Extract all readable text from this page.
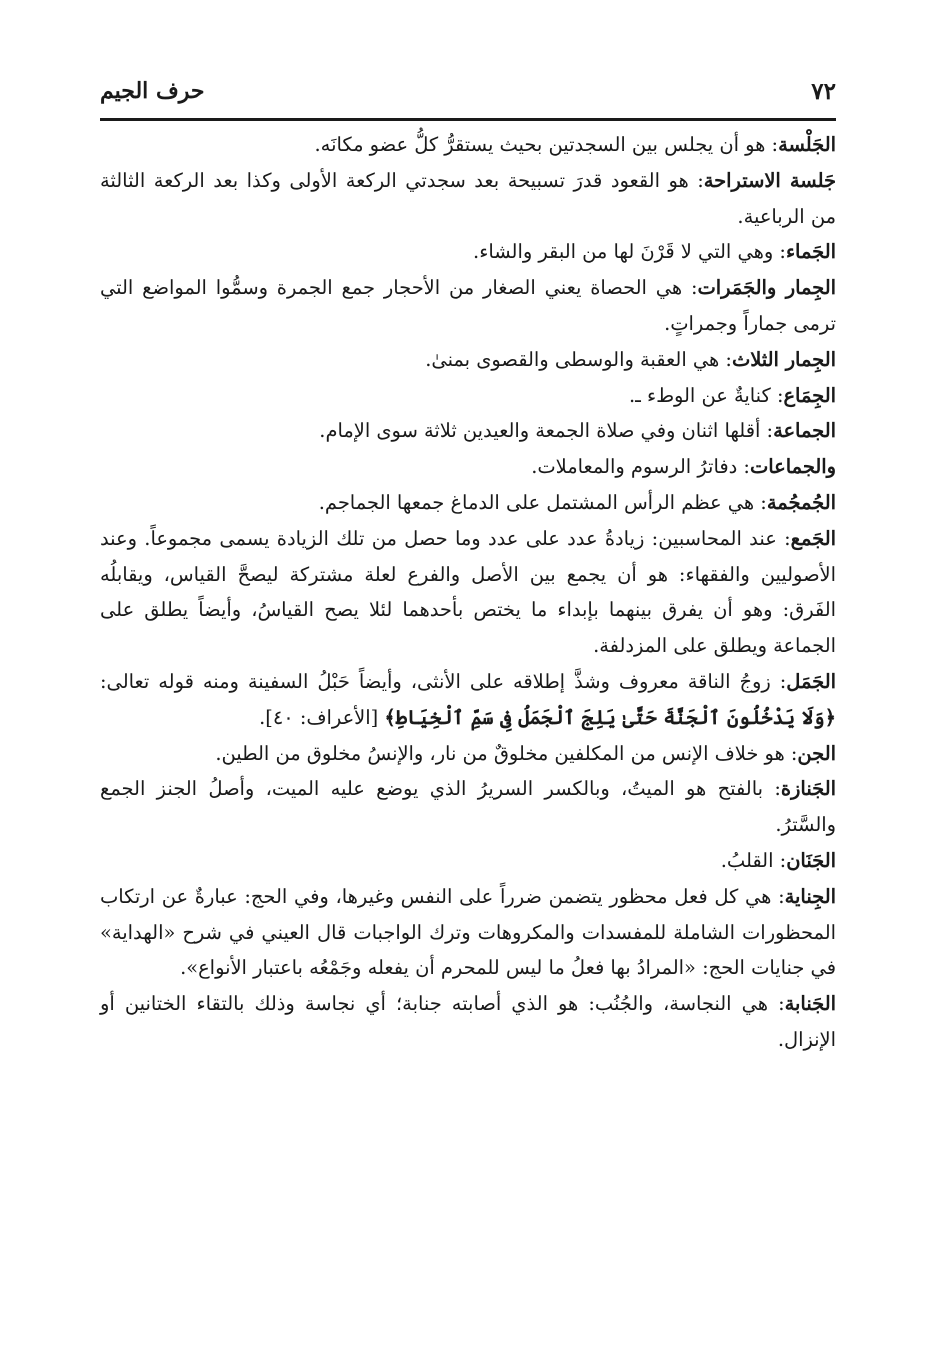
٧٢
حرف الجيم

الجَلْسة: هو أن يجلس بين السجدتين بحيث يستقرُّ كلُّ عضو مكانَه.

جَلسة الاستراحة: هو القعود قدرَ تسبيحة بعد سجدتي الركعة الأولى وكذا بعد الركعة الثالثة من الرباعية.

الجَماء: وهي التي لا قَرْنَ لها من البقر والشاء.

الجِمار والجَمَرات: هي الحصاة يعني الصغار من الأحجار جمع الجمرة وسمُّوا المواضع التي ترمى جماراً وجمراتٍ.

الجِمار الثلاث: هي العقبة والوسطى والقصوى بمنىٰ.

الجِمَاع: كنايةٌ عن الوطء ـ.

الجماعة: أقلها اثنان وفي صلاة الجمعة والعيدين ثلاثة سوى الإمام.

والجماعات: دفاترُ الرسوم والمعاملات.

الجُمجُمة: هي عظم الرأس المشتمل على الدماغ جمعها الجماجم.

الجَمع: عند المحاسبين: زيادةُ عدد على عدد وما حصل من تلك الزيادة يسمى مجموعاً. وعند الأصوليين والفقهاء: هو أن يجمع بين الأصل والفرع لعلة مشتركة ليصحَّ القياس، ويقابلُه الفَرق: وهو أن يفرق بينهما بإبداء ما يختص بأحدهما لئلا يصح القياسُ، وأيضاً يطلق على الجماعة ويطلق على المزدلفة.

الجَمَل: زوجُ الناقة معروف وشذَّ إطلاقه على الأنثى، وأيضاً حَبْلُ السفينة ومنه قوله تعالى: ﴿وَلَا يَدْخُلُونَ ٱلْجَنَّةَ حَتَّىٰ يَلِجَ ٱلْجَمَلُ فِى سَمِّ ٱلْخِيَاطِ﴾ [الأعراف: ٤٠].

الجن: هو خلاف الإنس من المكلفين مخلوقٌ من نار، والإنسُ مخلوق من الطين.

الجَنازة: بالفتح هو الميتُ، وبالكسر السريرُ الذي يوضع عليه الميت، وأصلُ الجنز الجمع والسَّترُ.

الجَنَان: القلبُ.

الجِناية: هي كل فعل محظور يتضمن ضرراً على النفس وغيرها، وفي الحج: عبارةٌ عن ارتكاب المحظورات الشاملة للمفسدات والمكروهات وترك الواجبات قال العيني في شرح «الهداية» في جنايات الحج: «المرادُ بها فعلُ ما ليس للمحرم أن يفعله وجَمْعُه باعتبار الأنواع».

الجَنابة: هي النجاسة، والجُنُب: هو الذي أصابته جنابة؛ أي نجاسة وذلك بالتقاء الختانين أو الإنزال.
